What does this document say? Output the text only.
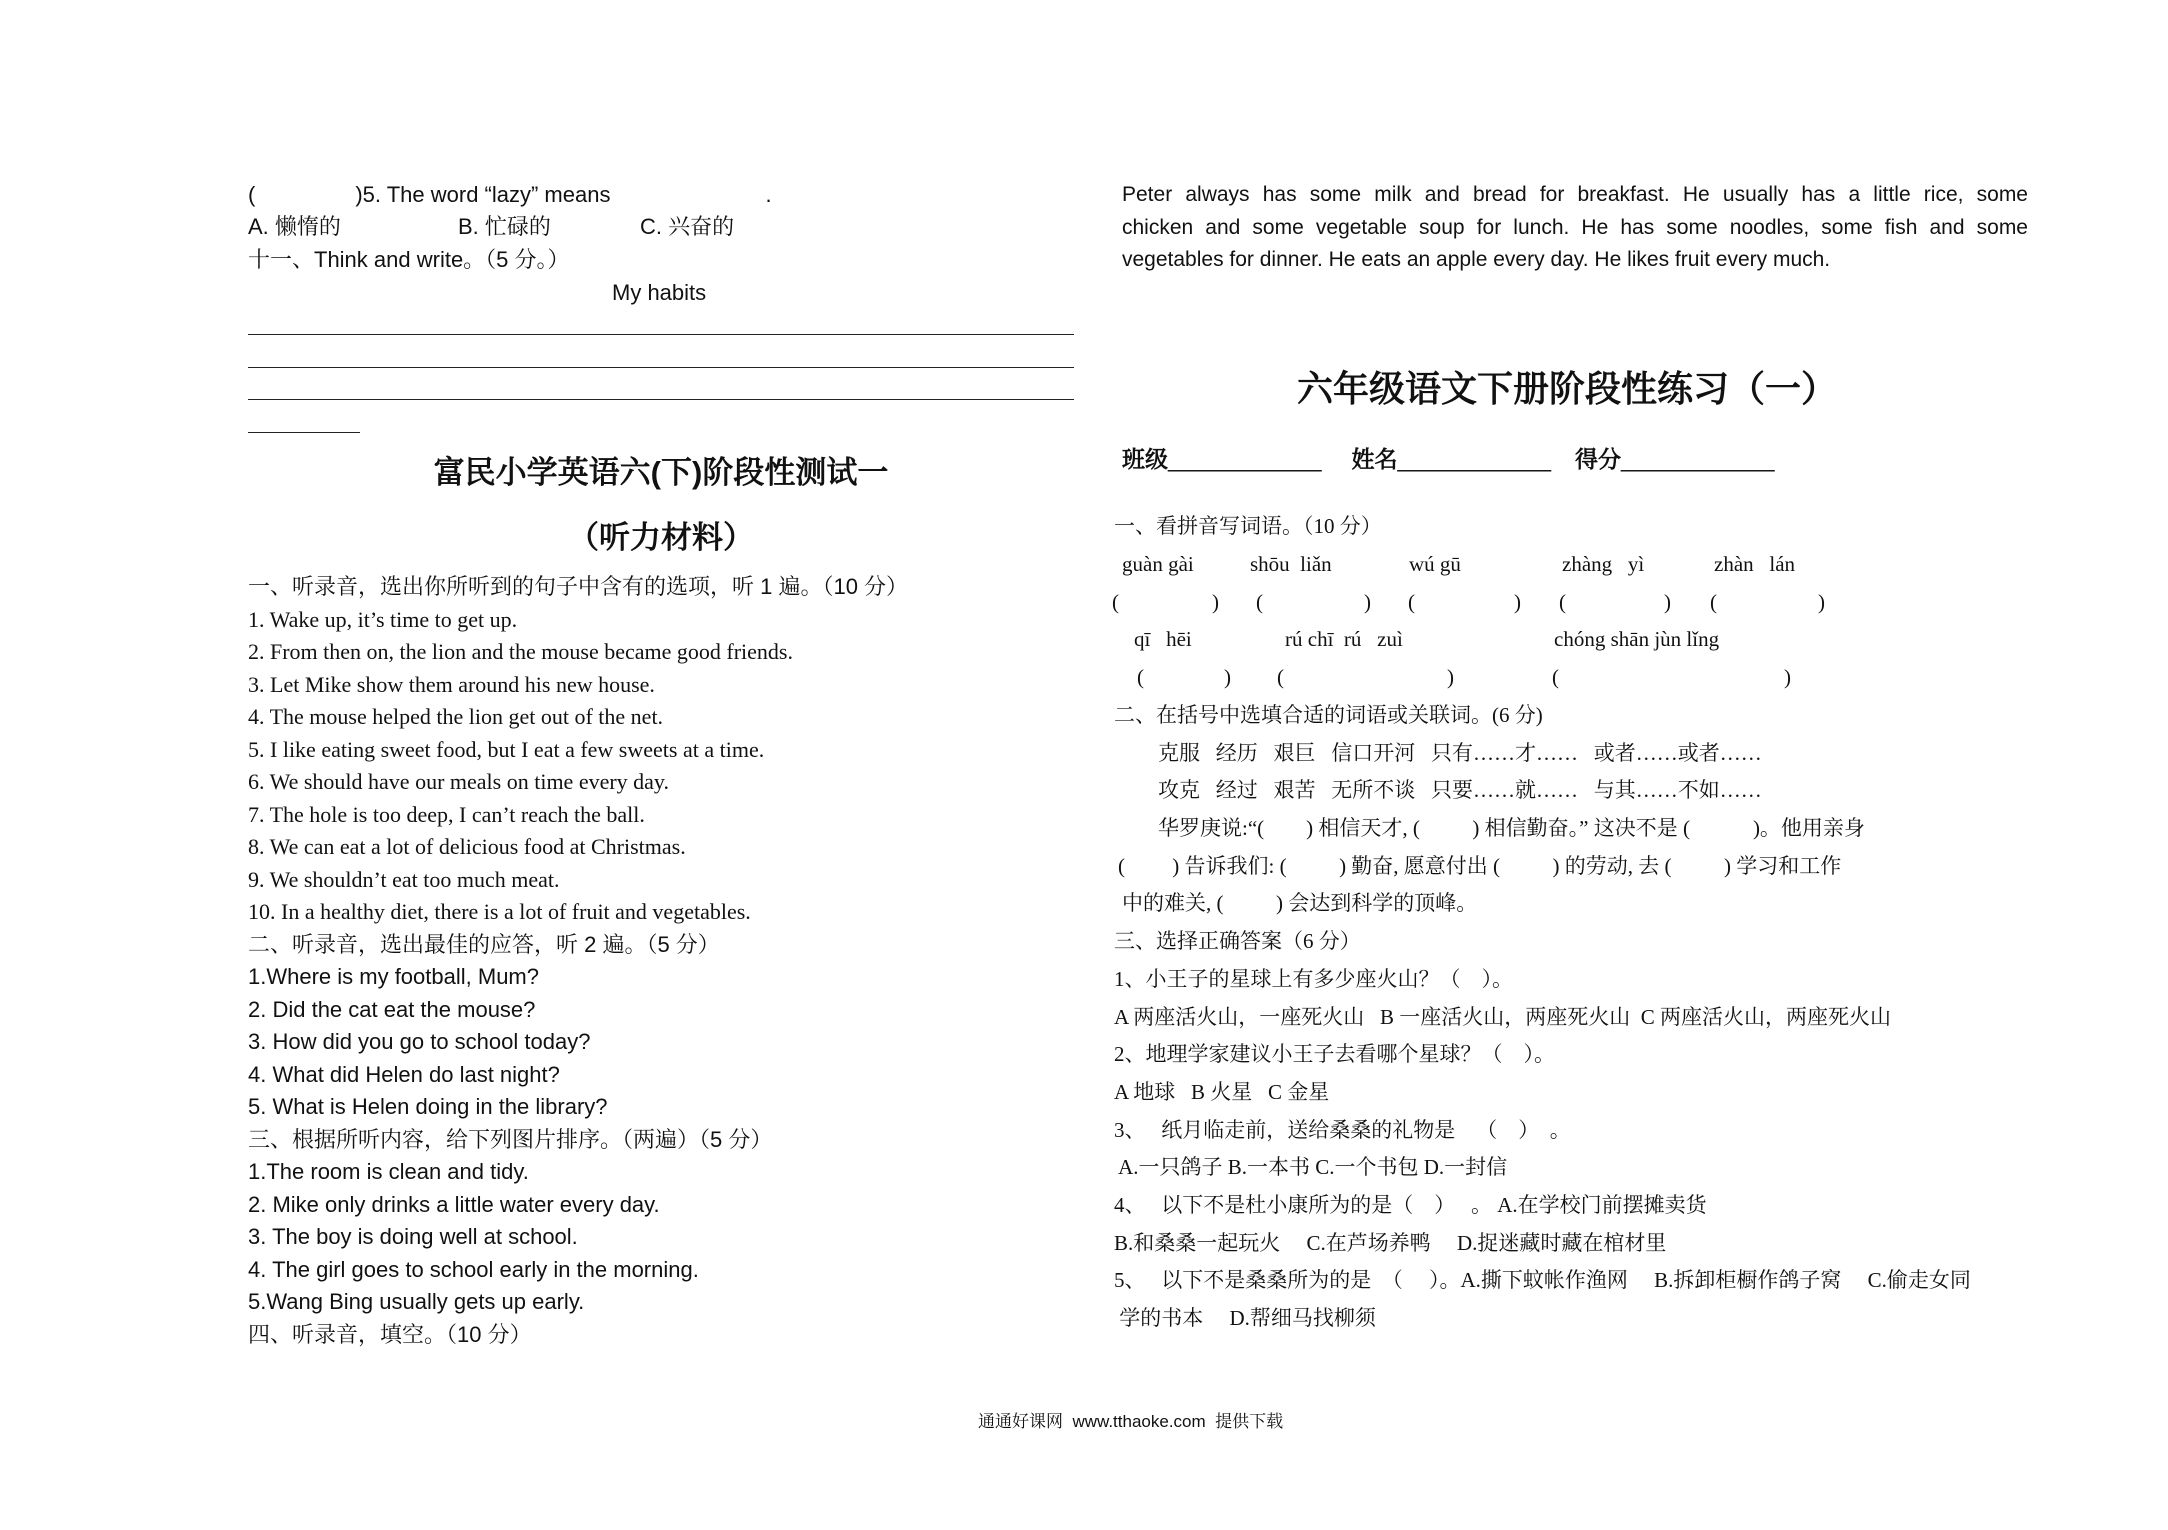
(	)5. The word “lazy” means	.
A. 懒惰的	B. 忙碌的	C. 兴奋的
十一、Think and write。（5 分。）
My habits
富民小学英语六(下)阶段性测试一
（听力材料）
一、听录音，选出你所听到的句子中含有的选项，听 1 遍。（10 分）
1. Wake up, it’s time to get up.
2. From then on, the lion and the mouse became good friends.
3. Let Mike show them around his new house.
4. The mouse helped the lion get out of the net.
5. I like eating sweet food, but I eat a few sweets at a time.
6. We should have our meals on time every day.
7. The hole is too deep, I can’t reach the ball.
8. We can eat a lot of delicious food at Christmas.
9. We shouldn’t eat too much meat.
10. In a healthy diet, there is a lot of fruit and vegetables.
二、听录音，选出最佳的应答，听 2 遍。（5 分）
1.Where is my football, Mum?
2. Did the cat eat the mouse?
3. How did you go to school today?
4. What did Helen do last night?
5. What is Helen doing in the library?
三、根据所听内容，给下列图片排序。（两遍）（5 分）
1.The room is clean and tidy.
2. Mike only drinks a little water every day.
3. The boy is doing well at school.
4. The girl goes to school early in the morning.
5.Wang Bing usually gets up early.
四、听录音，填空。（10 分）
Peter always has some milk and bread for breakfast. He usually has a little rice, some
chicken and some vegetable soup for lunch. He has some noodles, some fish and some
vegetables for dinner. He eats an apple every day. He likes fruit every much.
六年级语文下册阶段性练习（一）
班级____________ 姓名____________ 得分____________
一、看拼音写词语。（10 分）
guàn gài	shōu  liǎn	wú gū	zhàng   yì	zhàn   lán
(	) (	) (	) (	) (	)
qī   hēi	rú chī  rú   zuì	chóng shān jùn lǐng
(	) (	)	(	)
二、在括号中选填合适的词语或关联词。(6 分)
克服   经历   艰巨   信口开河   只有……才……   或者……或者……
攻克   经过   艰苦   无所不谈   只要……就……   与其……不如……
华罗庚说:“(        ) 相信天才, (          ) 相信勤奋。” 这决不是 (            )。他用亲身
(         ) 告诉我们: (          ) 勤奋, 愿意付出 (          ) 的劳动, 去 (          ) 学习和工作
中的难关, (          ) 会达到科学的顶峰。
三、选择正确答案（6 分）
1、小王子的星球上有多少座火山？（    ）。
A 两座活火山，一座死火山   B 一座活火山，两座死火山  C 两座活火山，两座死火山
2、地理学家建议小王子去看哪个星球？（    ）。
A 地球   B 火星   C 金星
3、   纸月临走前，送给桑桑的礼物是    （    ）  。
A.一只鸽子 B.一本书 C.一个书包 D.一封信
4、   以下不是杜小康所为的是（    ）   。 A.在学校门前摆摊卖货
B.和桑桑一起玩火     C.在芦场养鸭     D.捉迷藏时藏在棺材里
5、   以下不是桑桑所为的是  （     ）。A.撕下蚊帐作渔网     B.拆卸柜橱作鸽子窝     C.偷走女同
学的书本     D.帮细马找柳须
通通好课网  www.tthaoke.com  提供下载
